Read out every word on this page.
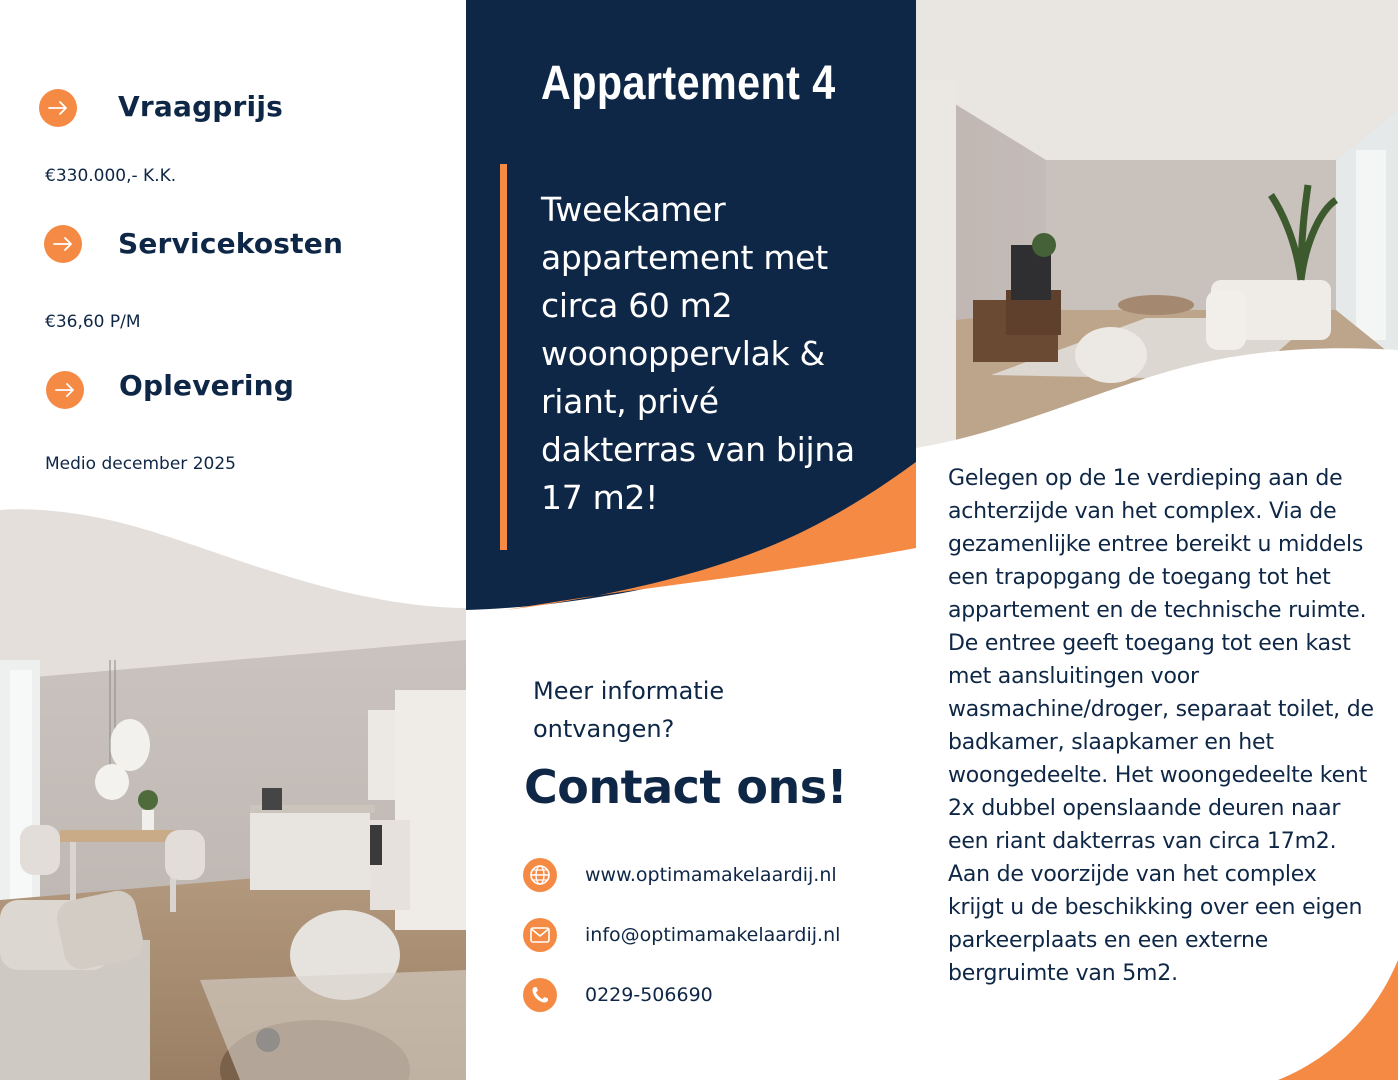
Vraagprijs
€330.000,- K.K.
Servicekosten
€36,60 P/M
Oplevering
Medio december 2025
Appartement 4
Tweekamer appartement met circa 60 m2 woonoppervlak & riant, privé dakterras van bijna 17 m2!
Meer informatie ontvangen?
Contact ons!
www.optimamakelaardij.nl
info@optimamakelaardij.nl
0229-506690
Gelegen op de 1e verdieping aan de achterzijde van het complex. Via de gezamenlijke entree bereikt u middels een trapopgang de toegang tot het appartement en de technische ruimte. De entree geeft toegang tot een kast met aansluitingen voor wasmachine/droger, separaat toilet, de badkamer, slaapkamer en het woongedeelte. Het woongedeelte kent 2x dubbel openslaande deuren naar een riant dakterras van circa 17m2. Aan de voorzijde van het complex krijgt u de beschikking over een eigen parkeerplaats en een externe bergruimte van 5m2.
